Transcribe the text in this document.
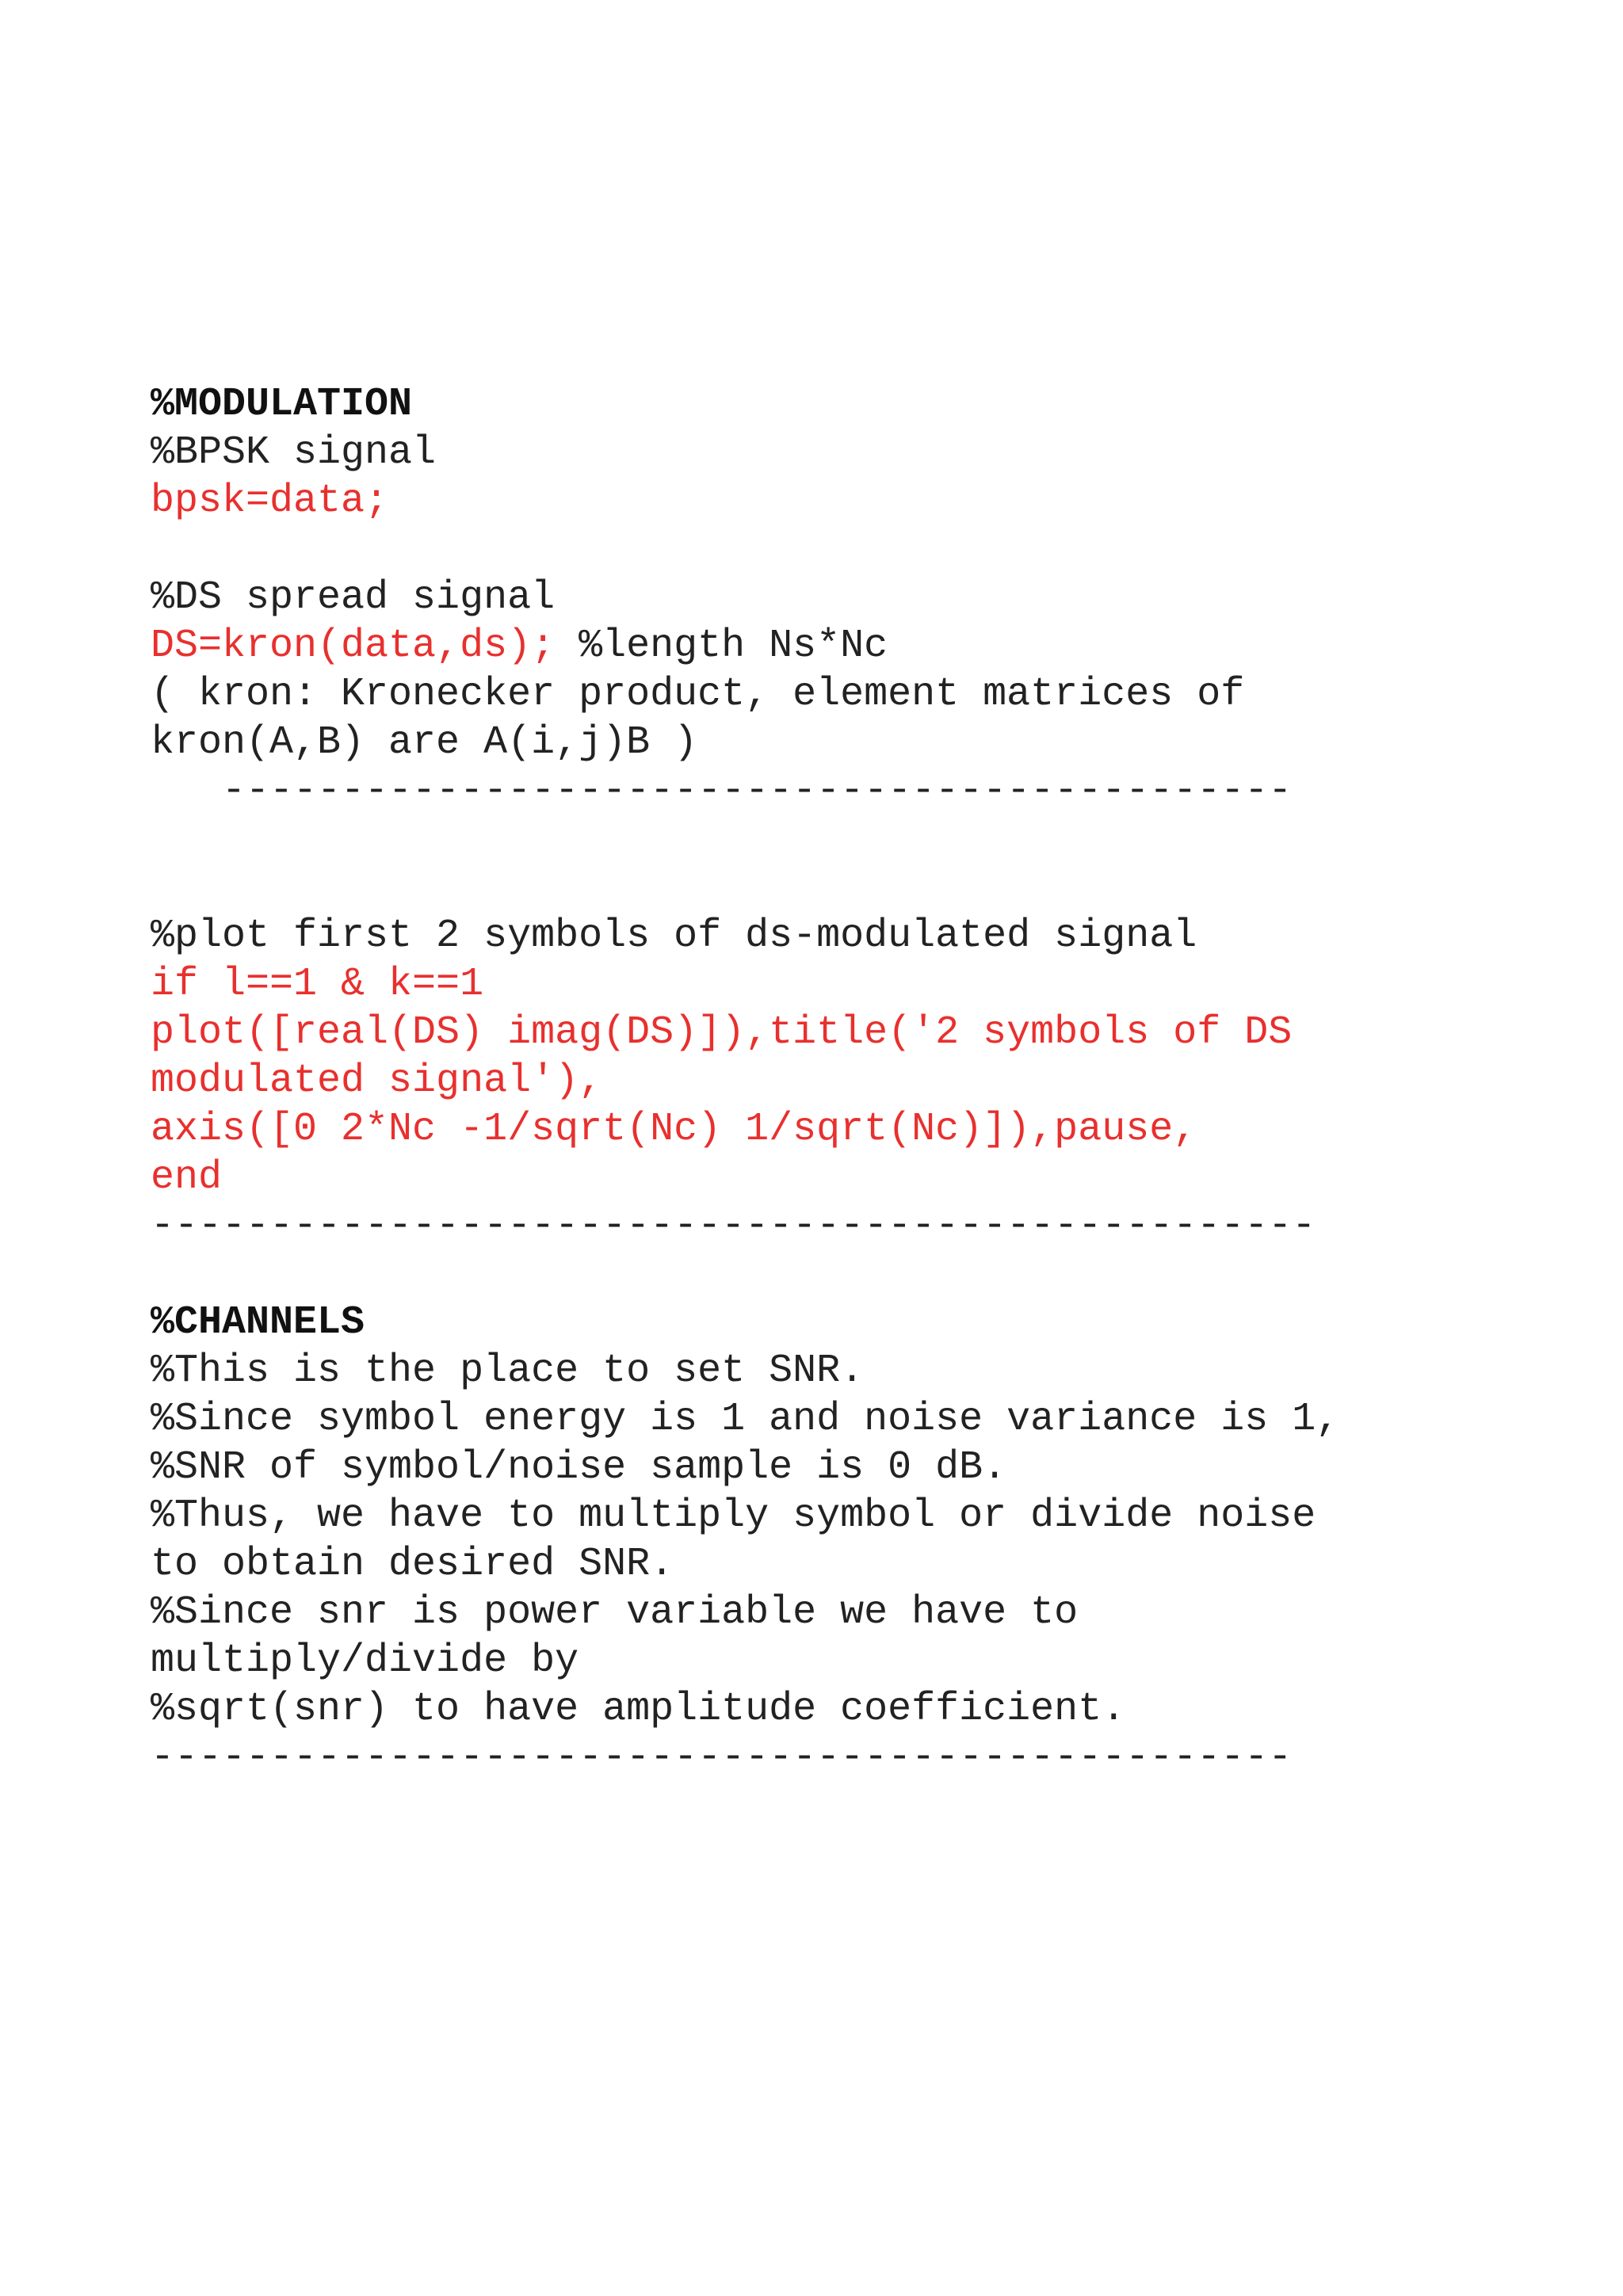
%MODULATION
%BPSK signal
bpsk=data;
%DS spread signal
DS=kron(data,ds); %length Ns*Nc
( kron: Kronecker product, element matrices of
kron(A,B) are A(i,j)B )
---------------------------------------------
%plot first 2 symbols of ds-modulated signal
if l==1 & k==1
plot([real(DS) imag(DS)]),title('2 symbols of DS
modulated signal'),
axis([0 2*Nc -1/sqrt(Nc) 1/sqrt(Nc)]),pause,
end
-------------------------------------------------
%CHANNELS
%This is the place to set SNR.
%Since symbol energy is 1 and noise variance is 1,
%SNR of symbol/noise sample is 0 dB.
%Thus, we have to multiply symbol or divide noise
to obtain desired SNR.
%Since snr is power variable we have to
multiply/divide by
%sqrt(snr) to have amplitude coefficient.
------------------------------------------------
